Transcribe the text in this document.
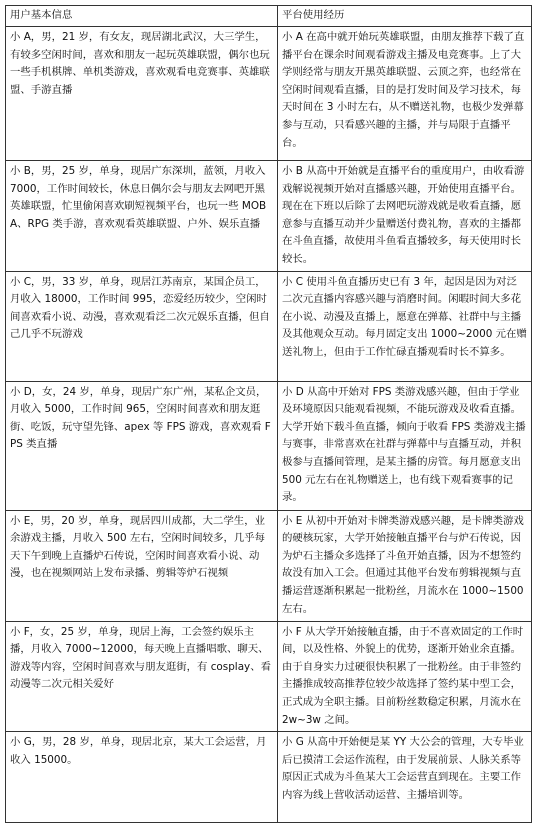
用户基本信息	平台使用经历
小 A，男，21 岁，有女友，现居湖北武汉，大三学生，有较多空闲时间，喜欢和朋友一起玩英雄联盟，偶尔也玩一些手机棋牌、单机类游戏，喜欢观看电竞赛事、英雄联盟、手游直播	小 A 在高中就开始玩英雄联盟，由朋友推荐下载了直播平台在课余时间观看游戏主播及电竞赛事。上了大学则经常与朋友开黑英雄联盟、云顶之弈，也经常在空闲时间观看直播，目的是打发时间及学习技术，每天时间在 3 小时左右，从不赠送礼物，也极少发弹幕参与互动，只看感兴趣的主播，并与局限于直播平台。
小 B，男，25 岁，单身，现居广东深圳，蓝领，月收入 7000，工作时间较长，休息日偶尔会与朋友去网吧开黑英雄联盟，忙里偷闲喜欢刷短视频平台，也玩一些 MOBA、RPG 类手游，喜欢观看英雄联盟、户外、娱乐直播	小 B 从高中开始就是直播平台的重度用户，由收看游戏解说视频开始对直播感兴趣，开始使用直播平台。现在在下班以后除了去网吧玩游戏就是收看直播，愿意参与直播互动并少量赠送付费礼物，喜欢的主播都在斗鱼直播，故使用斗鱼看直播较多，每天使用时长较长。
小 C，男，33 岁，单身，现居江苏南京，某国企员工，月收入 18000，工作时间 995，恋爱经历较少，空闲时间喜欢看小说、动漫，喜欢观看泛二次元娱乐直播，但自己几乎不玩游戏	小 C 使用斗鱼直播历史已有 3 年，起因是因为对泛二次元直播内容感兴趣与消磨时间。闲暇时间大多花在小说、动漫及直播上，愿意在弹幕、社群中与主播及其他观众互动。每月固定支出 1000~2000 元在赠送礼物上，但由于工作忙碌直播观看时长不算多。
小 D，女，24 岁，单身，现居广东广州，某私企文员，月收入 5000，工作时间 965，空闲时间喜欢和朋友逛街、吃饭，玩守望先锋、apex 等 FPS 游戏，喜欢观看 FPS 类直播	小 D 从高中开始对 FPS 类游戏感兴趣，但由于学业及环境原因只能观看视频，不能玩游戏及收看直播。大学开始下载斗鱼直播，倾向于收看 FPS 类游戏主播与赛事，非常喜欢在社群与弹幕中与直播互动，并积极参与直播间管理，是某主播的房管。每月愿意支出 500 元左右在礼物赠送上，也有线下观看赛事的记录。
小 E，男，20 岁，单身，现居四川成都，大二学生，业余游戏主播，月收入 500 左右，空闲时间较多，几乎每天下午到晚上直播炉石传说，空闲时间喜欢看小说、动漫，也在视频网站上发布录播、剪辑等炉石视频	小 E 从初中开始对卡牌类游戏感兴趣，是卡牌类游戏的硬核玩家，大学开始接触直播平台与炉石传说，因为炉石主播众多选择了斗鱼开始直播，因为不想签约故没有加入工会。但通过其他平台发布剪辑视频与直播运营逐渐积累起一批粉丝，月流水在 1000~1500 左右。
小 F，女，25 岁，单身，现居上海，工会签约娱乐主播，月收入 7000~12000，每天晚上直播唱歌、聊天、游戏等内容，空闲时间喜欢与朋友逛街，有 cosplay、看动漫等二次元相关爱好	小 F 从大学开始接触直播，由于不喜欢固定的工作时间，以及性格、外貌上的优势，逐渐开始业余直播。由于自身实力过硬很快积累了一批粉丝。由于非签约主播推成较高推荐位较少故选择了签约某中型工会，正式成为全职主播。目前粉丝数稳定积累，月流水在 2w~3w 之间。
小 G，男，28 岁，单身，现居北京，某大工会运营，月收入 15000。	小 G 从高中开始便是某 YY 大公会的管理，大专毕业后已摸清工会运作流程，由于发展前景、人脉关系等原因正式成为斗鱼某大工会运营直到现在。主要工作内容为线上营收活动运营、主播培训等。
